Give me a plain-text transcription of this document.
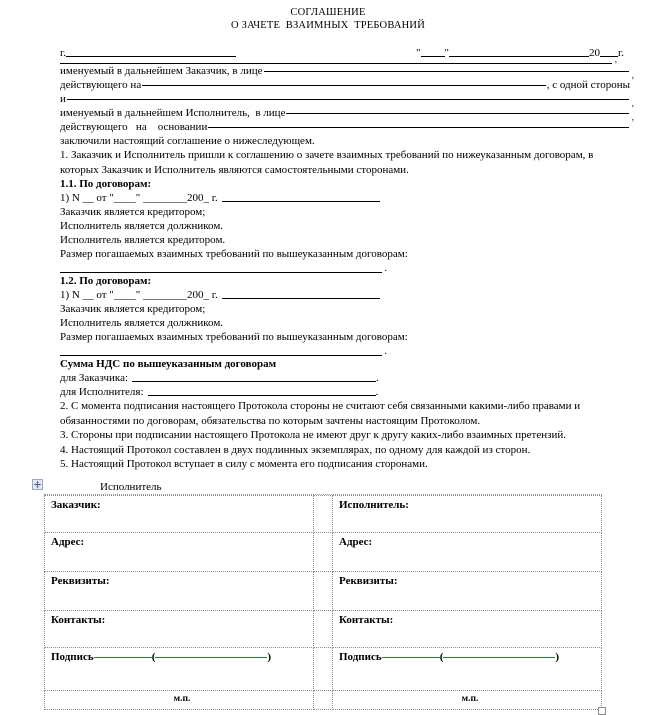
СОГЛАШЕНИЕ
О ЗАЧЕТЕ  ВЗАИМНЫХ  ТРЕБОВАНИЙ
г.	" "	20 г.
,
именуемый в дальнейшем Заказчик, в лице
,
действующего на	, с одной стороны
и
,
именуемый в дальнейшем Исполнитель,  в лице
,
действующего   на    основании
заключили настоящий соглашение о нижеследующем.
1. Заказчик и Исполнитель пришли к соглашению о зачете взаимных требований по нижеуказанным договорам, в которых Заказчик и Исполнитель являются самостоятельными сторонами.
1.1. По договорам:
1) N __ от "____" ________200_ г.
Заказчик является кредитором;
Исполнитель является должником.
Исполнитель является кредитором.
Размер погашаемых взаимных требований по вышеуказанным договорам:
.
1.2. По договорам:
1) N __ от "____" ________200_ г.
Заказчик является кредитором;
Исполнитель является должником.
Размер погашаемых взаимных требований по вышеуказанным договорам:
.
Сумма НДС по вышеуказанным договорам
для Заказчика:	.
для Исполнителя:	.
2. С момента подписания настоящего Протокола стороны не считают себя связанными какими-либо правами и обязанностями по договорам, обязательства по которым зачтены настоящим Протоколом.
3. Стороны при подписании настоящего Протокола не имеют друг к другу каких-либо взаимных претензий.
4. Настоящий Протокол составлен в двух подлинных экземплярах, по одному для каждой из сторон.
5. Настоящий Протокол вступает в силу с момента его подписания сторонами.
Исполнитель
Заказчик:		Исполнитель:
Адрес:		Адрес:
Реквизиты:		Реквизиты:
Контакты:		Контакты:

Подпись ( )		Подпись ( )

м.п.		м.п.
